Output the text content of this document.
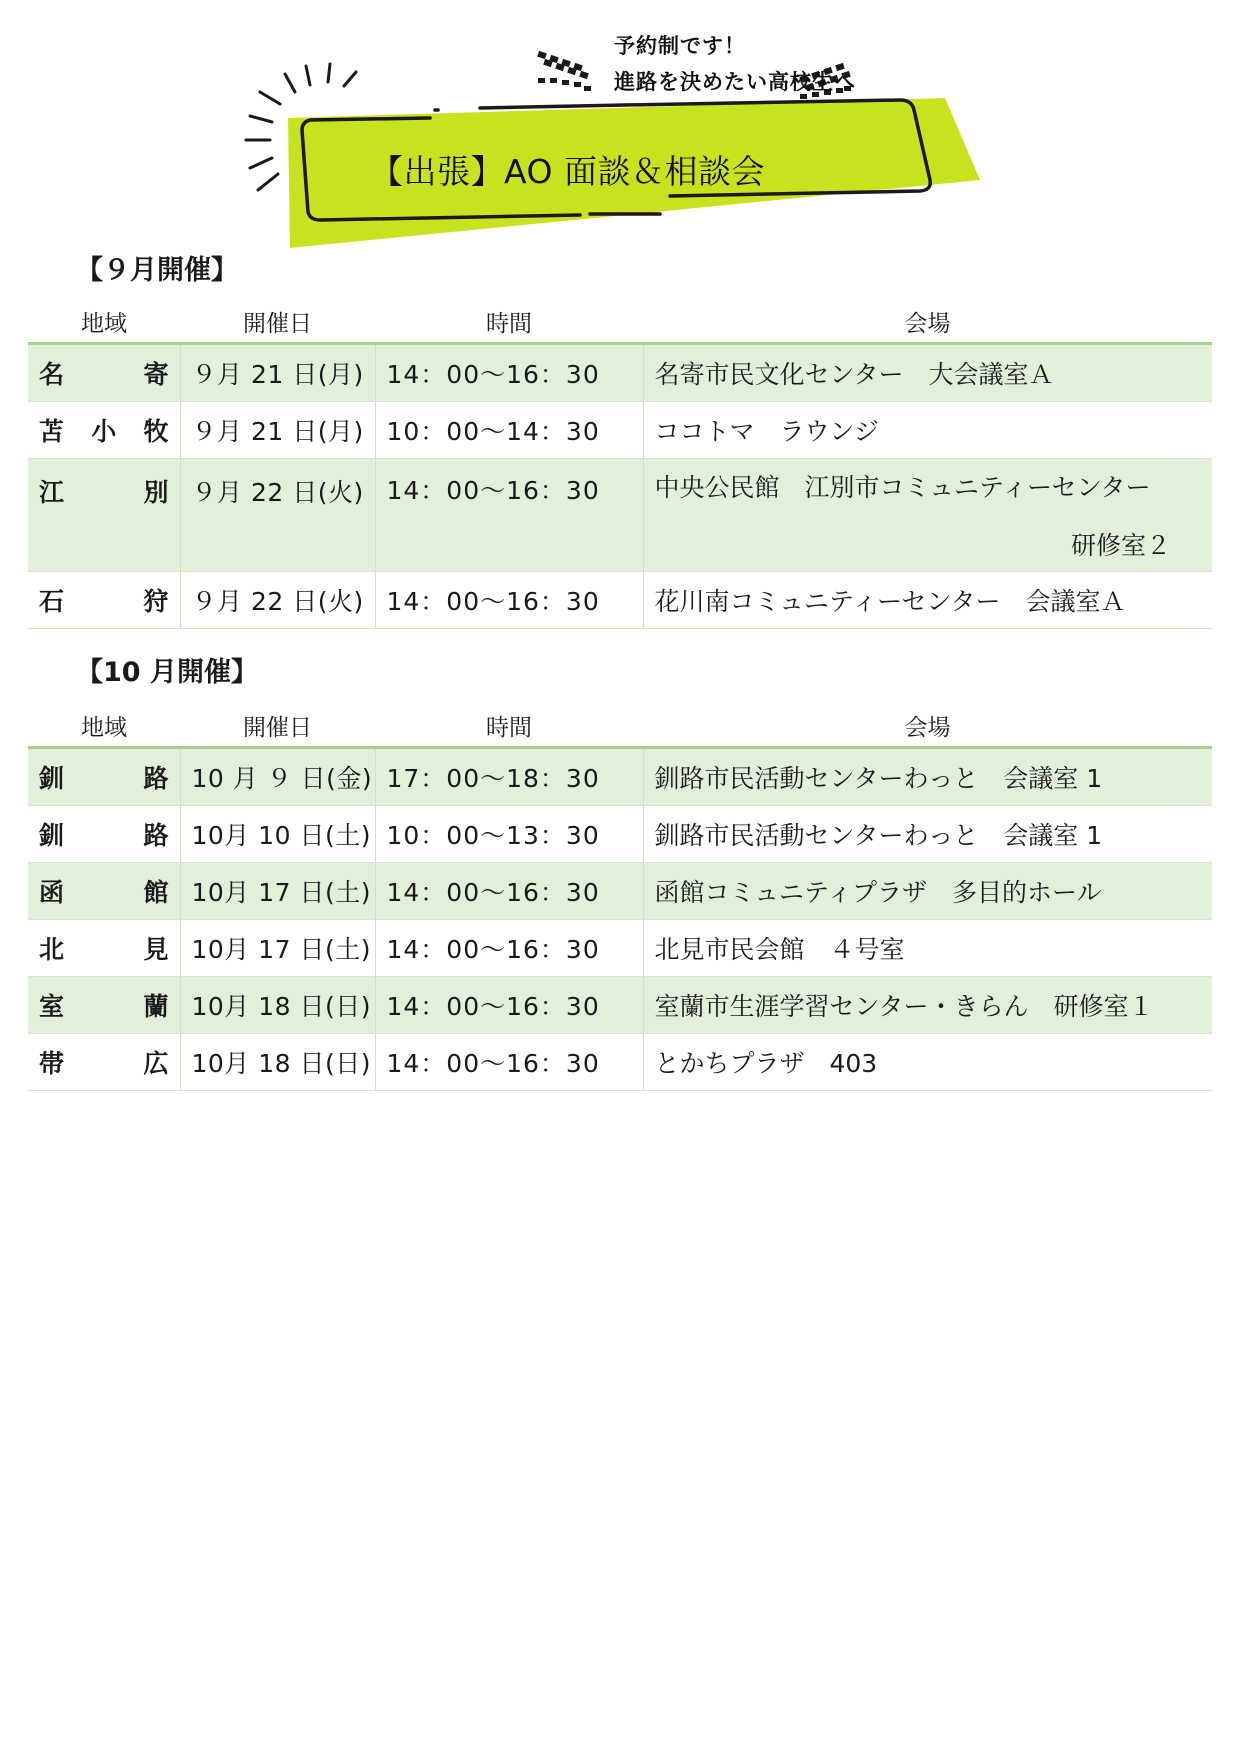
予約制です！
進路を決めたい高校生へ
【出張】AO 面談＆相談会
【９月開催】
地域	開催日	時間	会場

名 寄	９月 21 日(月)	14：00～16：30	名寄市民文化センター　大会議室Ａ

苫 小 牧	９月 21 日(月)	10：00～14：30	ココトマ　ラウンジ

江 別	９月 22 日(火)	14：00～16：30	中央公民館　江別市コミュニティーセンター
研修室２

石 狩	９月 22 日(火)	14：00～16：30	花川南コミュニティーセンター　会議室Ａ
【10 月開催】
地域	開催日	時間	会場

釧 路	10 月 ９ 日(金)	17：00～18：30	釧路市民活動センターわっと　会議室 1

釧 路	10月 10 日(土)	10：00～13：30	釧路市民活動センターわっと　会議室 1

函 館	10月 17 日(土)	14：00～16：30	函館コミュニティプラザ　多目的ホール

北 見	10月 17 日(土)	14：00～16：30	北見市民会館　４号室

室 蘭	10月 18 日(日)	14：00～16：30	室蘭市生涯学習センター・きらん　研修室１

帯 広	10月 18 日(日)	14：00～16：30	とかちプラザ　403
